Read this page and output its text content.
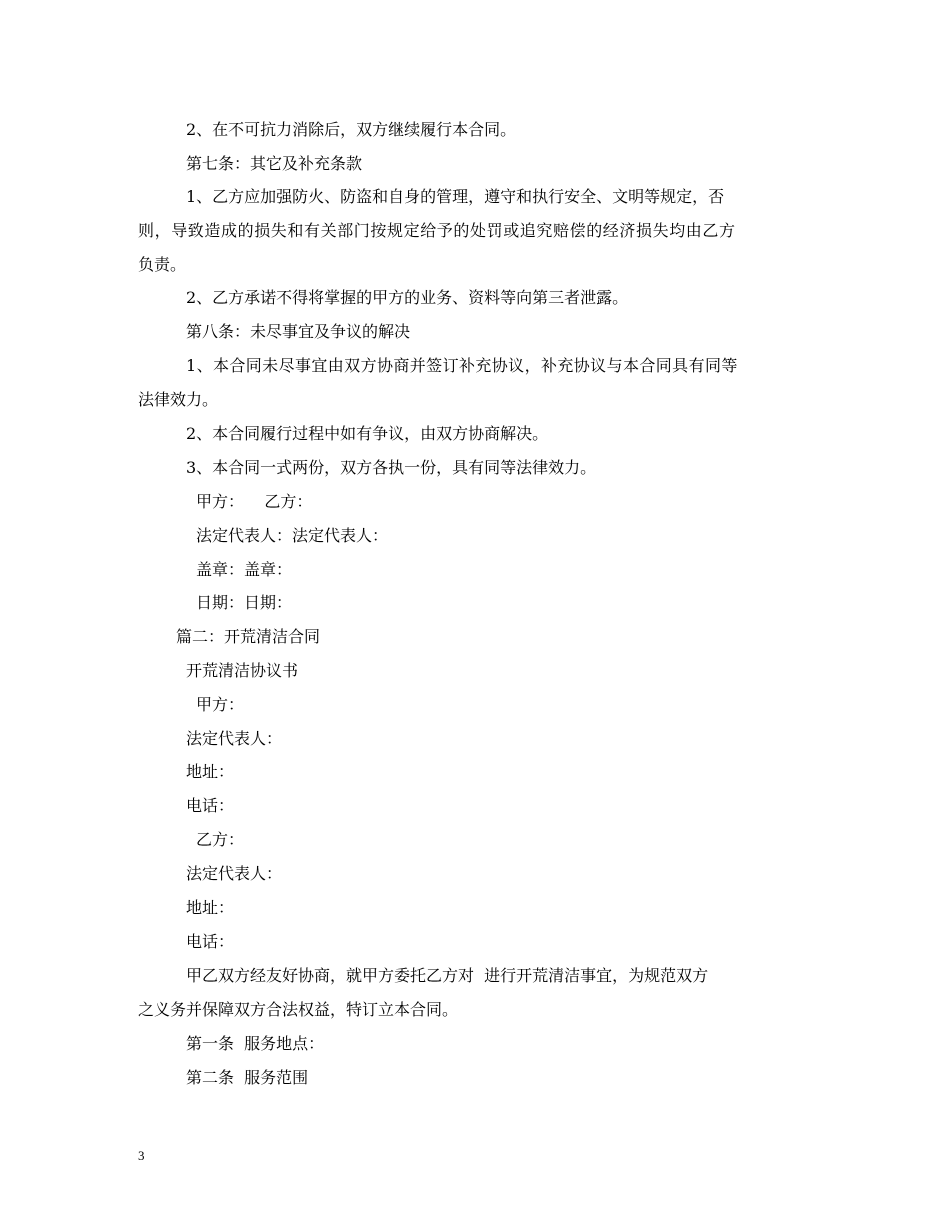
2、在不可抗力消除后，双方继续履行本合同。
第七条：其它及补充条款
1、乙方应加强防火、防盗和自身的管理，遵守和执行安全、文明等规定，否
则，导致造成的损失和有关部门按规定给予的处罚或追究赔偿的经济损失均由乙方
负责。
2、乙方承诺不得将掌握的甲方的业务、资料等向第三者泄露。
第八条：未尽事宜及争议的解决
1、本合同未尽事宜由双方协商并签订补充协议，补充协议与本合同具有同等
法律效力。
2、本合同履行过程中如有争议，由双方协商解决。
3、本合同一式两份，双方各执一份，具有同等法律效力。
甲方：    乙方：
法定代表人：法定代表人：
盖章：盖章：
日期：日期：
篇二：开荒清洁合同
开荒清洁协议书
甲方：
法定代表人：
地址：
电话：
乙方：
法定代表人：
地址：
电话：
甲乙双方经友好协商，就甲方委托乙方对  进行开荒清洁事宜，为规范双方
之义务并保障双方合法权益，特订立本合同。
第一条  服务地点：
第二条  服务范围
3
